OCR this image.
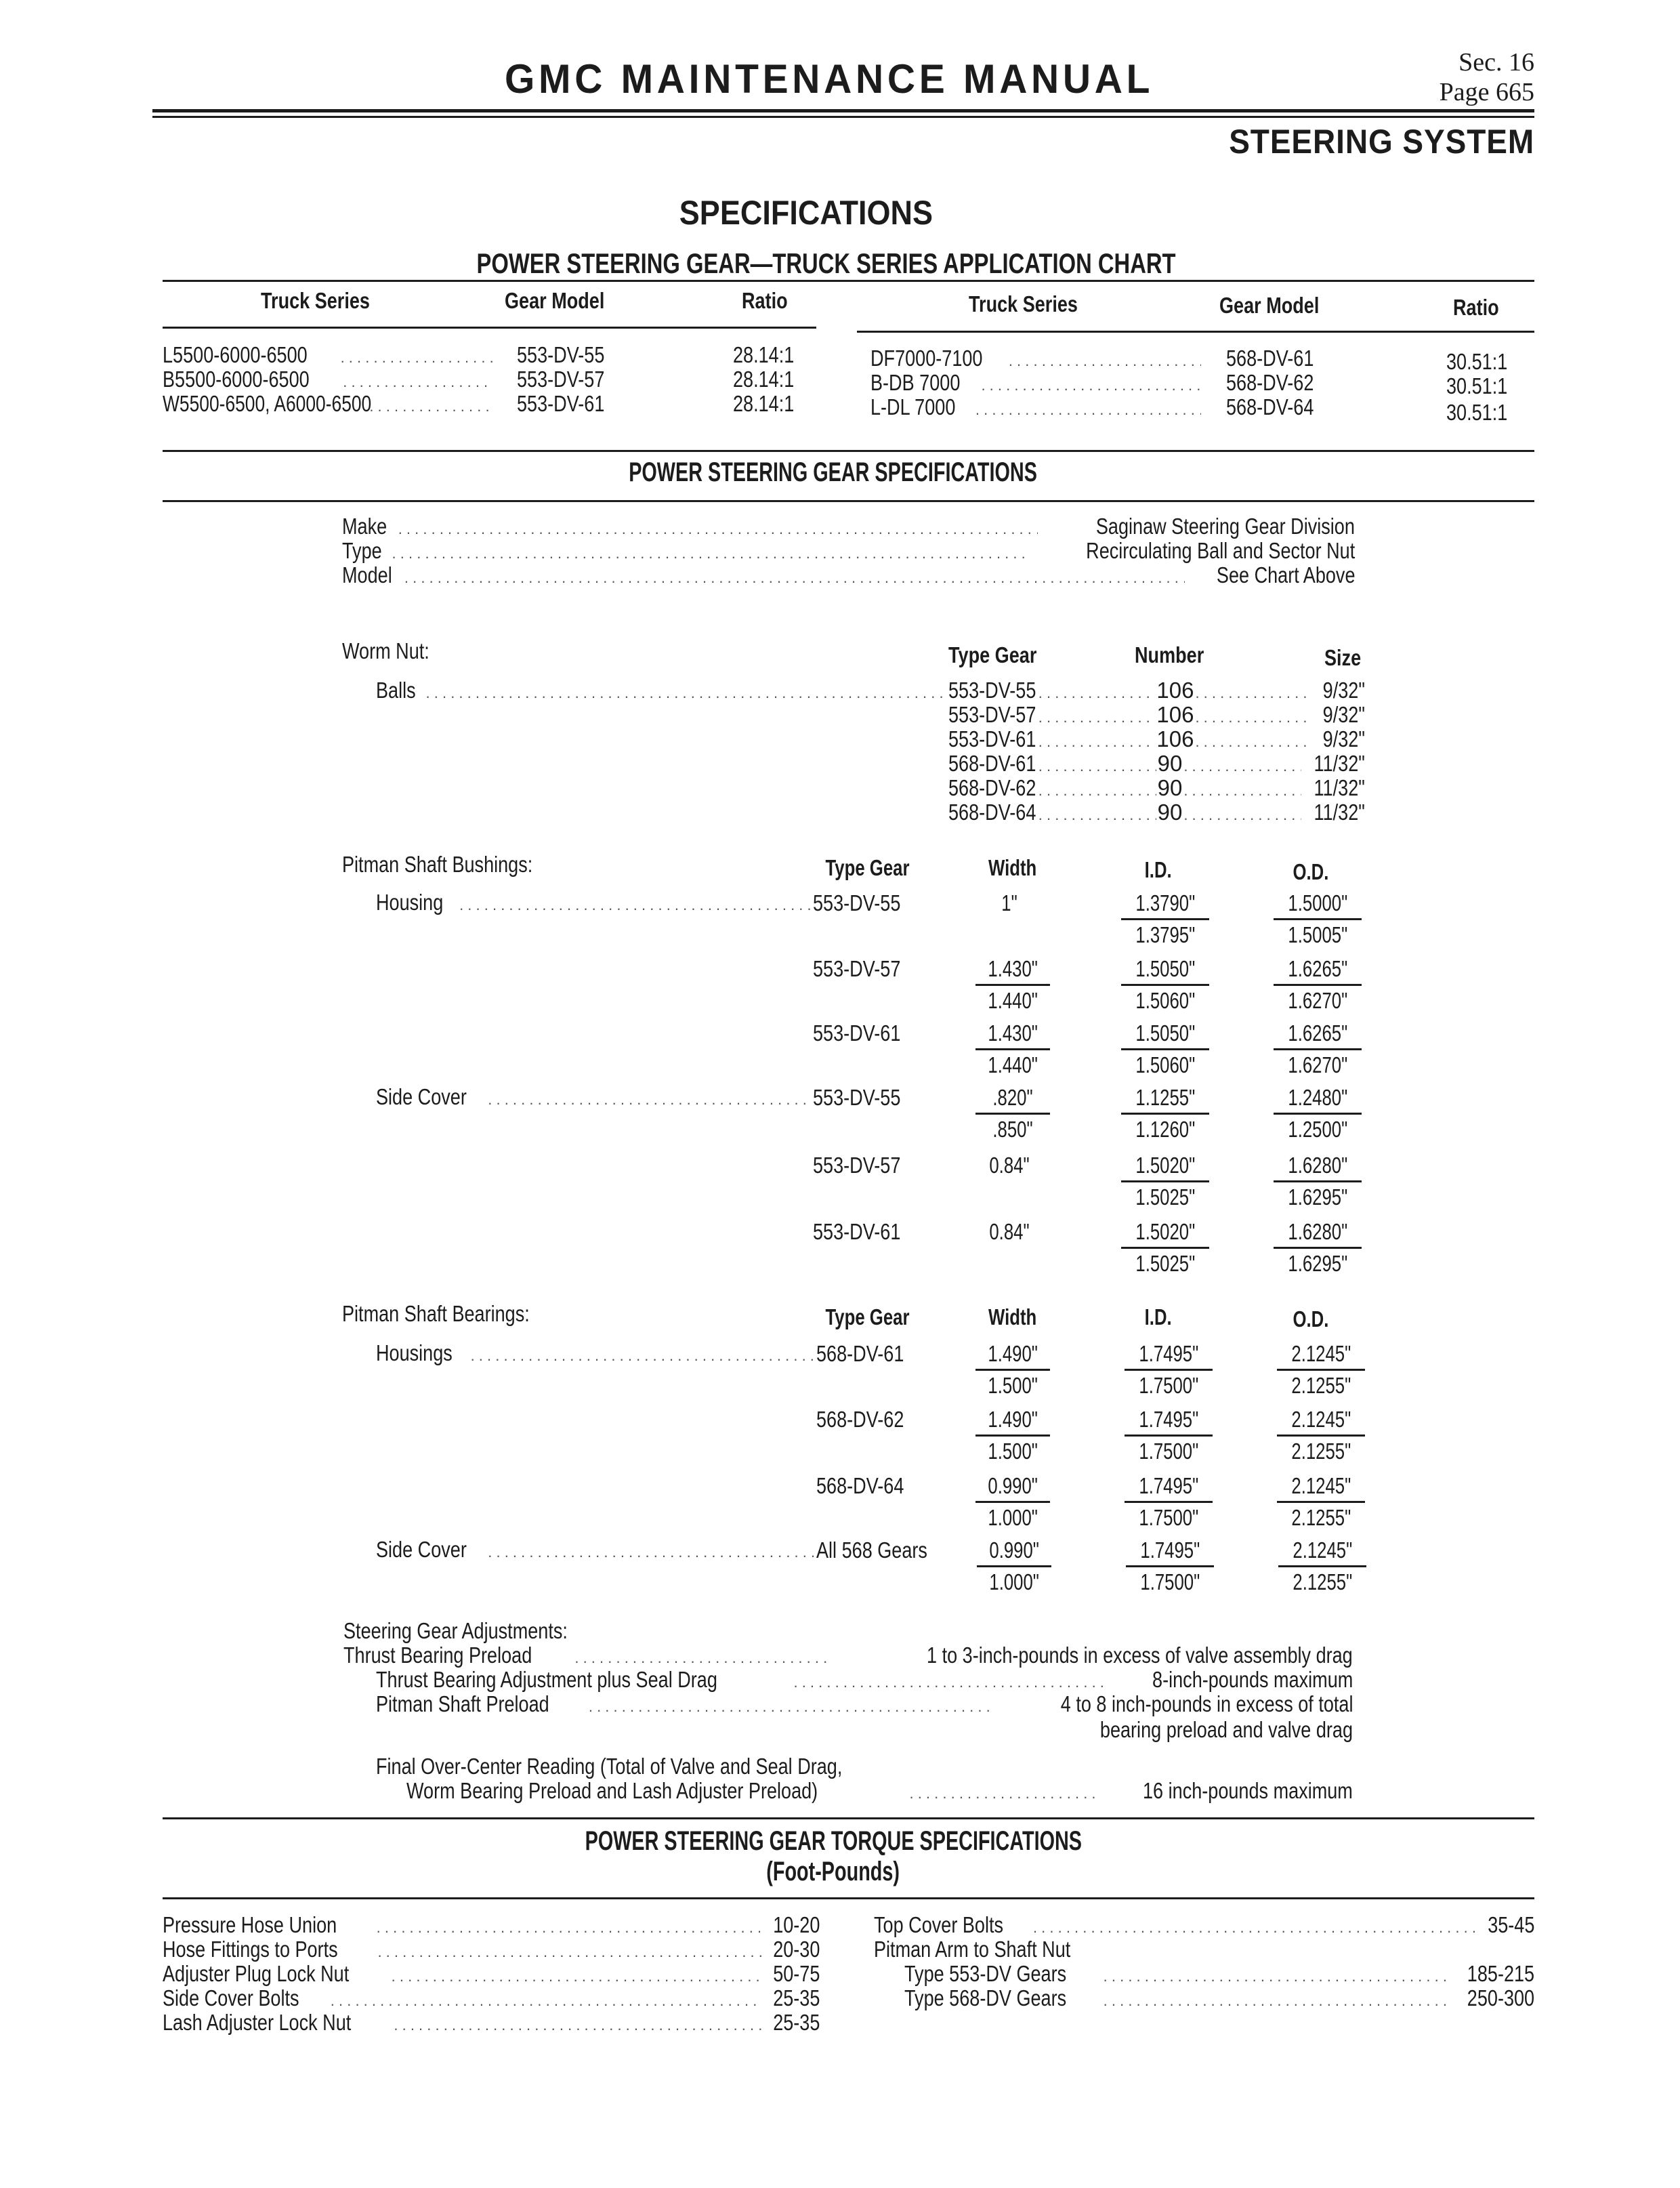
GMC MAINTENANCE MANUAL	Sec. 16
Page 665
STEERING SYSTEM
SPECIFICATIONS
POWER STEERING GEAR—TRUCK SERIES APPLICATION CHART
Truck Series	Gear Model	Ratio	Truck Series	Gear Model	Ratio
L5500-6000-6500 . . .	553-DV-55	28.14:1
B5500-6000-6500 . . .	553-DV-57	28.14:1
W5500-6500, A6000-6500 . . .	553-DV-61	28.14:1
DF7000-7100 . . .	568-DV-61	30.51:1
B-DB 7000 . . .	568-DV-62	30.51:1
L-DL 7000 . . .	568-DV-64	30.51:1
POWER STEERING GEAR SPECIFICATIONS
Make . . .	Saginaw Steering Gear Division
Type . . .	Recirculating Ball and Sector Nut
Model . . .	See Chart Above
Worm Nut:	Type Gear	Number	Size
Balls . . .	553-DV-55 . . .	106 . . .	9/32"
553-DV-57 . . .	106 . . .	9/32"
553-DV-61 . . .	106 . . .	9/32"
568-DV-61 . . .	90 . . .	11/32"
568-DV-62 . . .	90 . . .	11/32"
568-DV-64 . . .	90 . . .	11/32"
Pitman Shaft Bushings:	Type Gear	Width	I.D.	O.D.
Housing . . .	553-DV-55	1"	$\frac{1.3790"}{1.3795"}$	$\frac{1.5000"}{1.5005"}$
553-DV-57	$\frac{1.430"}{1.440"}$	$\frac{1.5050"}{1.5060"}$	$\frac{1.6265"}{1.6270"}$
553-DV-61	$\frac{1.430"}{1.440"}$	$\frac{1.5050"}{1.5060"}$	$\frac{1.6265"}{1.6270"}$
Side Cover . . .	553-DV-55	$\frac{.820"}{.850"}$	$\frac{1.1255"}{1.1260"}$	$\frac{1.2480"}{1.2500"}$
553-DV-57	0.84"	$\frac{1.5020"}{1.5025"}$	$\frac{1.6280"}{1.6295"}$
553-DV-61	0.84"	$\frac{1.5020"}{1.5025"}$	$\frac{1.6280"}{1.6295"}$
Pitman Shaft Bearings:	Type Gear	Width	I.D.	O.D.
Housings . . .	568-DV-61	$\frac{1.490"}{1.500"}$	$\frac{1.7495"}{1.7500"}$	$\frac{2.1245"}{2.1255"}$
568-DV-62	$\frac{1.490"}{1.500"}$	$\frac{1.7495"}{1.7500"}$	$\frac{2.1245"}{2.1255"}$
568-DV-64	$\frac{0.990"}{1.000"}$	$\frac{1.7495"}{1.7500"}$	$\frac{2.1245"}{2.1255"}$
Side Cover . . .	All 568 Gears	$\frac{0.990"}{1.000"}$	$\frac{1.7495"}{1.7500"}$	$\frac{2.1245"}{2.1255"}$
Steering Gear Adjustments:
Thrust Bearing Preload . . .	1 to 3-inch-pounds in excess of valve assembly drag
Thrust Bearing Adjustment plus Seal Drag . . .	8-inch-pounds maximum
Pitman Shaft Preload . . .	4 to 8 inch-pounds in excess of total
bearing preload and valve drag
Final Over-Center Reading (Total of Valve and Seal Drag,
Worm Bearing Preload and Lash Adjuster Preload) . . .	16 inch-pounds maximum
POWER STEERING GEAR TORQUE SPECIFICATIONS
(Foot-Pounds)
Pressure Hose Union . . .	10-20
Hose Fittings to Ports . . .	20-30
Adjuster Plug Lock Nut . . .	50-75
Side Cover Bolts . . .	25-35
Lash Adjuster Lock Nut . . .	25-35
Top Cover Bolts . . .	35-45
Pitman Arm to Shaft Nut
Type 553-DV Gears . . .	185-215
Type 568-DV Gears . . .	250-300
